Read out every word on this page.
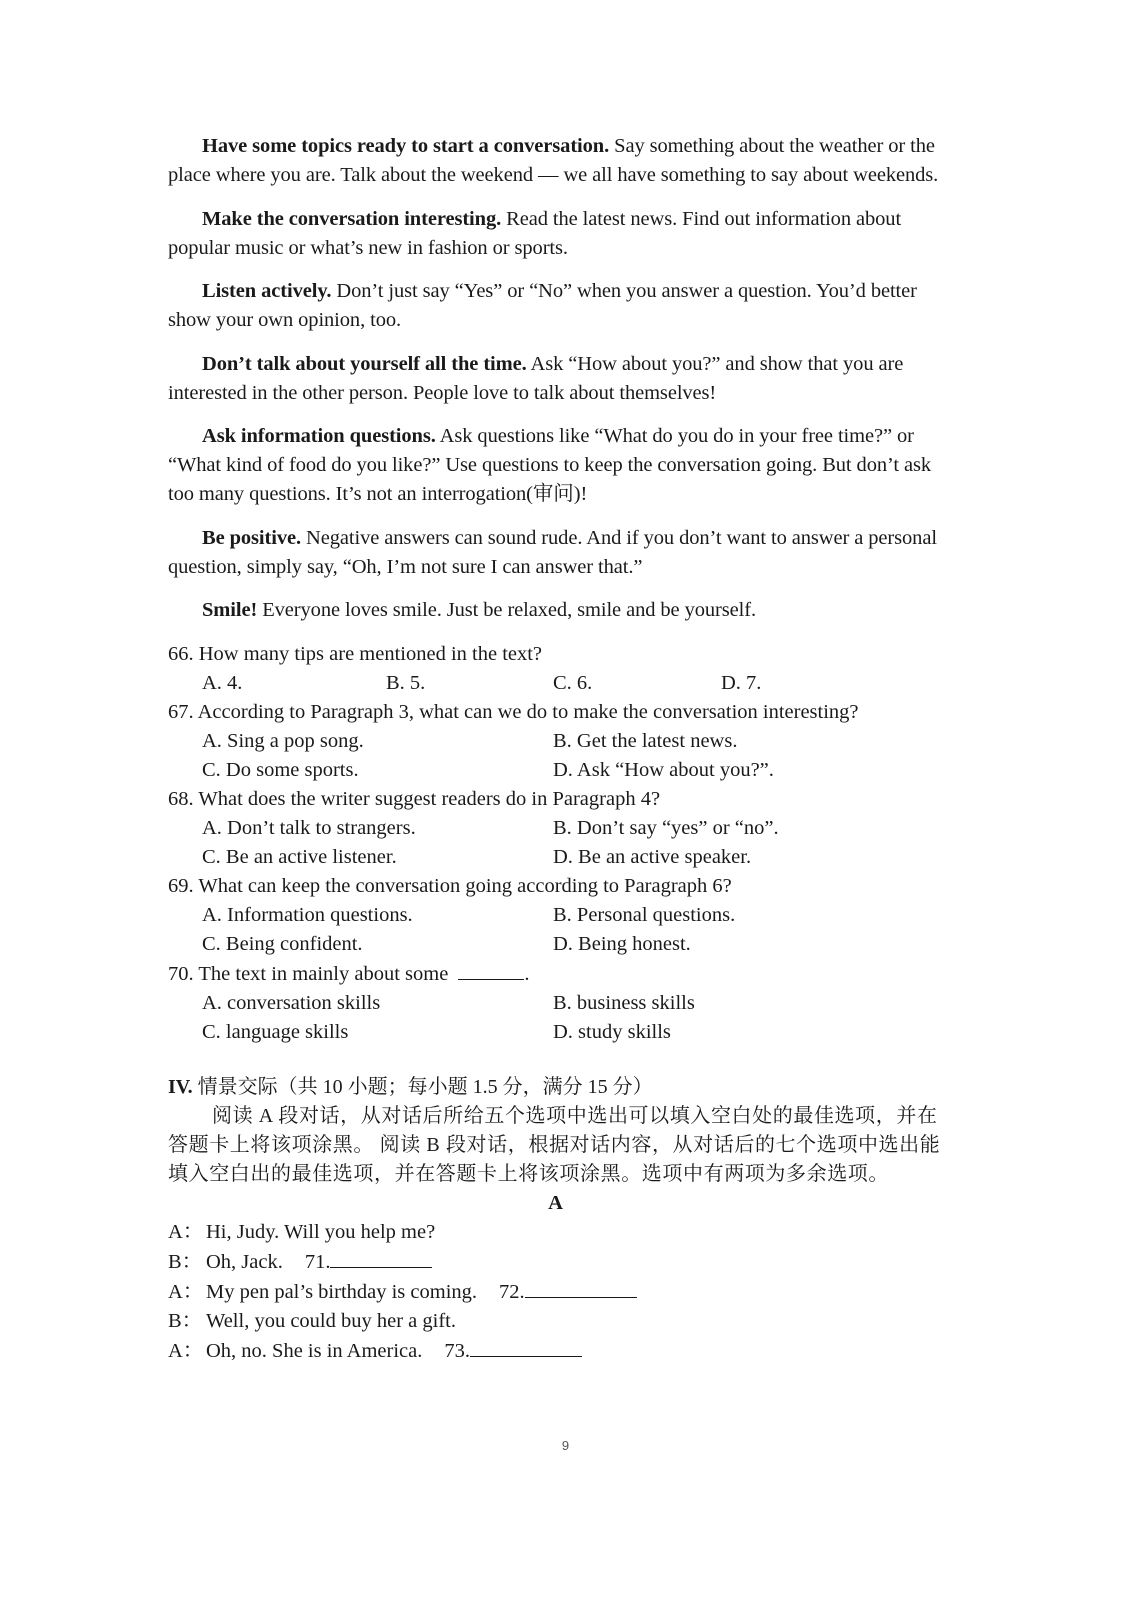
Have some topics ready to start a conversation. Say something about the weather or the place where you are. Talk about the weekend — we all have something to say about weekends.

Make the conversation interesting. Read the latest news. Find out information about popular music or what’s new in fashion or sports.

Listen actively. Don’t just say “Yes” or “No” when you answer a question. You’d better show your own opinion, too.

Don’t talk about yourself all the time. Ask “How about you?” and show that you are interested in the other person. People love to talk about themselves!

Ask information questions. Ask questions like “What do you do in your free time?” or “What kind of food do you like?” Use questions to keep the conversation going. But don’t ask too many questions. It’s not an interrogation(审问)!

Be positive. Negative answers can sound rude. And if you don’t want to answer a personal question, simply say, “Oh, I’m not sure I can answer that.”

Smile! Everyone loves smile. Just be relaxed, smile and be yourself.

66. How many tips are mentioned in the text?

A. 4.	B. 5.	C. 6.	D. 7.

67. According to Paragraph 3, what can we do to make the conversation interesting?

A. Sing a pop song.	B. Get the latest news.
C. Do some sports.	D. Ask “How about you?”.

68. What does the writer suggest readers do in Paragraph 4?

A. Don’t talk to strangers.	B. Don’t say “yes” or “no”.
C. Be an active listener.	D. Be an active speaker.

69. What can keep the conversation going according to Paragraph 6?

A. Information questions.	B. Personal questions.
C. Being confident.	D. Being honest.

70. The text in mainly about some	.

A. conversation skills	B. business skills
C. language skills	D. study skills

IV. 情景交际（共 10 小题；每小题 1.5 分，满分 15 分）

阅读 A 段对话，从对话后所给五个选项中选出可以填入空白处的最佳选项，并在答题卡上将该项涂黑。 阅读 B 段对话，根据对话内容，从对话后的七个选项中选出能填入空白出的最佳选项，并在答题卡上将该项涂黑。选项中有两项为多余选项。

A

A： Hi, Judy. Will you help me?

B： Oh, Jack. 71.

A： My pen pal’s birthday is coming. 72.

B： Well, you could buy her a gift.

A： Oh, no. She is in America. 73.

9
